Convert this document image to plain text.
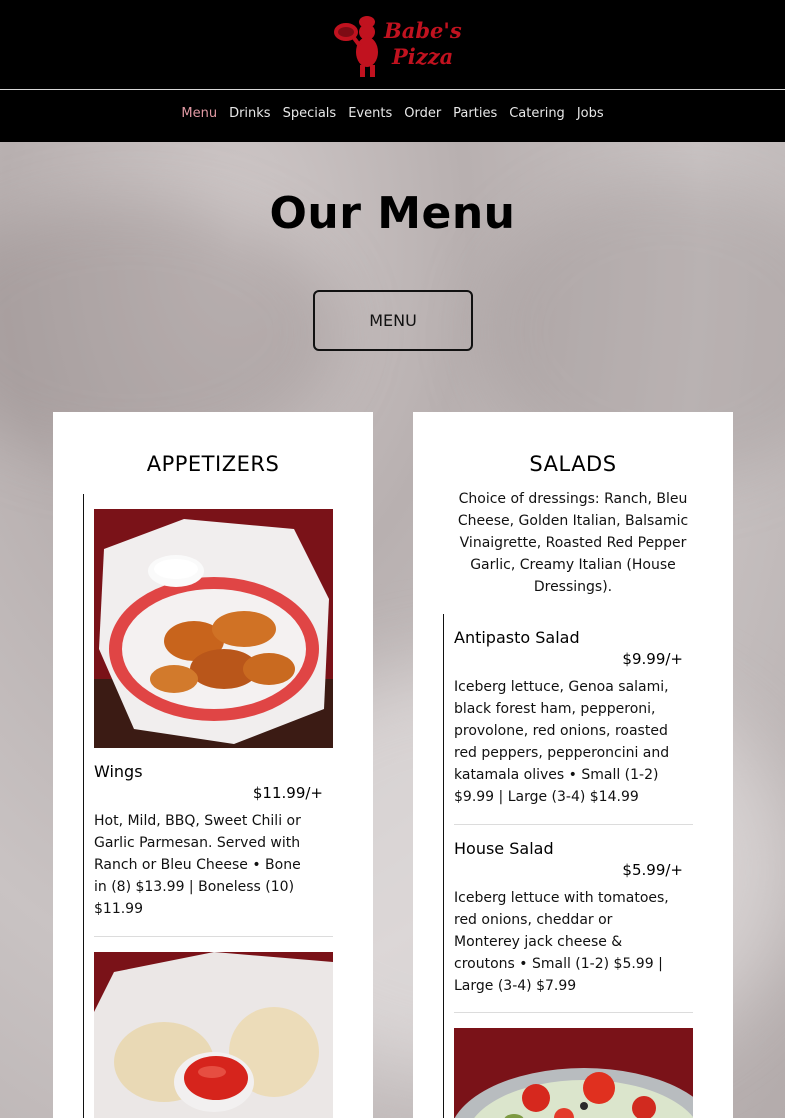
Babe's
Pizza
Menu Drinks Specials Events Order Parties Catering Jobs
Our Menu
MENU
APPETIZERS
Wings
$11.99/+
Hot, Mild, BBQ, Sweet Chili or Garlic Parmesan. Served with Ranch or Bleu Cheese • Bone in (8) $13.99 | Boneless (10) $11.99
SALADS
Choice of dressings: Ranch, Bleu Cheese, Golden Italian, Balsamic Vinaigrette, Roasted Red Pepper Garlic, Creamy Italian (House Dressings).
Antipasto Salad
$9.99/+
Iceberg lettuce, Genoa salami, black forest ham, pepperoni, provolone, red onions, roasted red peppers, pepperoncini and katamala olives • Small (1-2) $9.99 | Large (3-4) $14.99
House Salad
$5.99/+
Iceberg lettuce with tomatoes, red onions, cheddar or Monterey jack cheese & croutons • Small (1-2) $5.99 | Large (3-4) $7.99
